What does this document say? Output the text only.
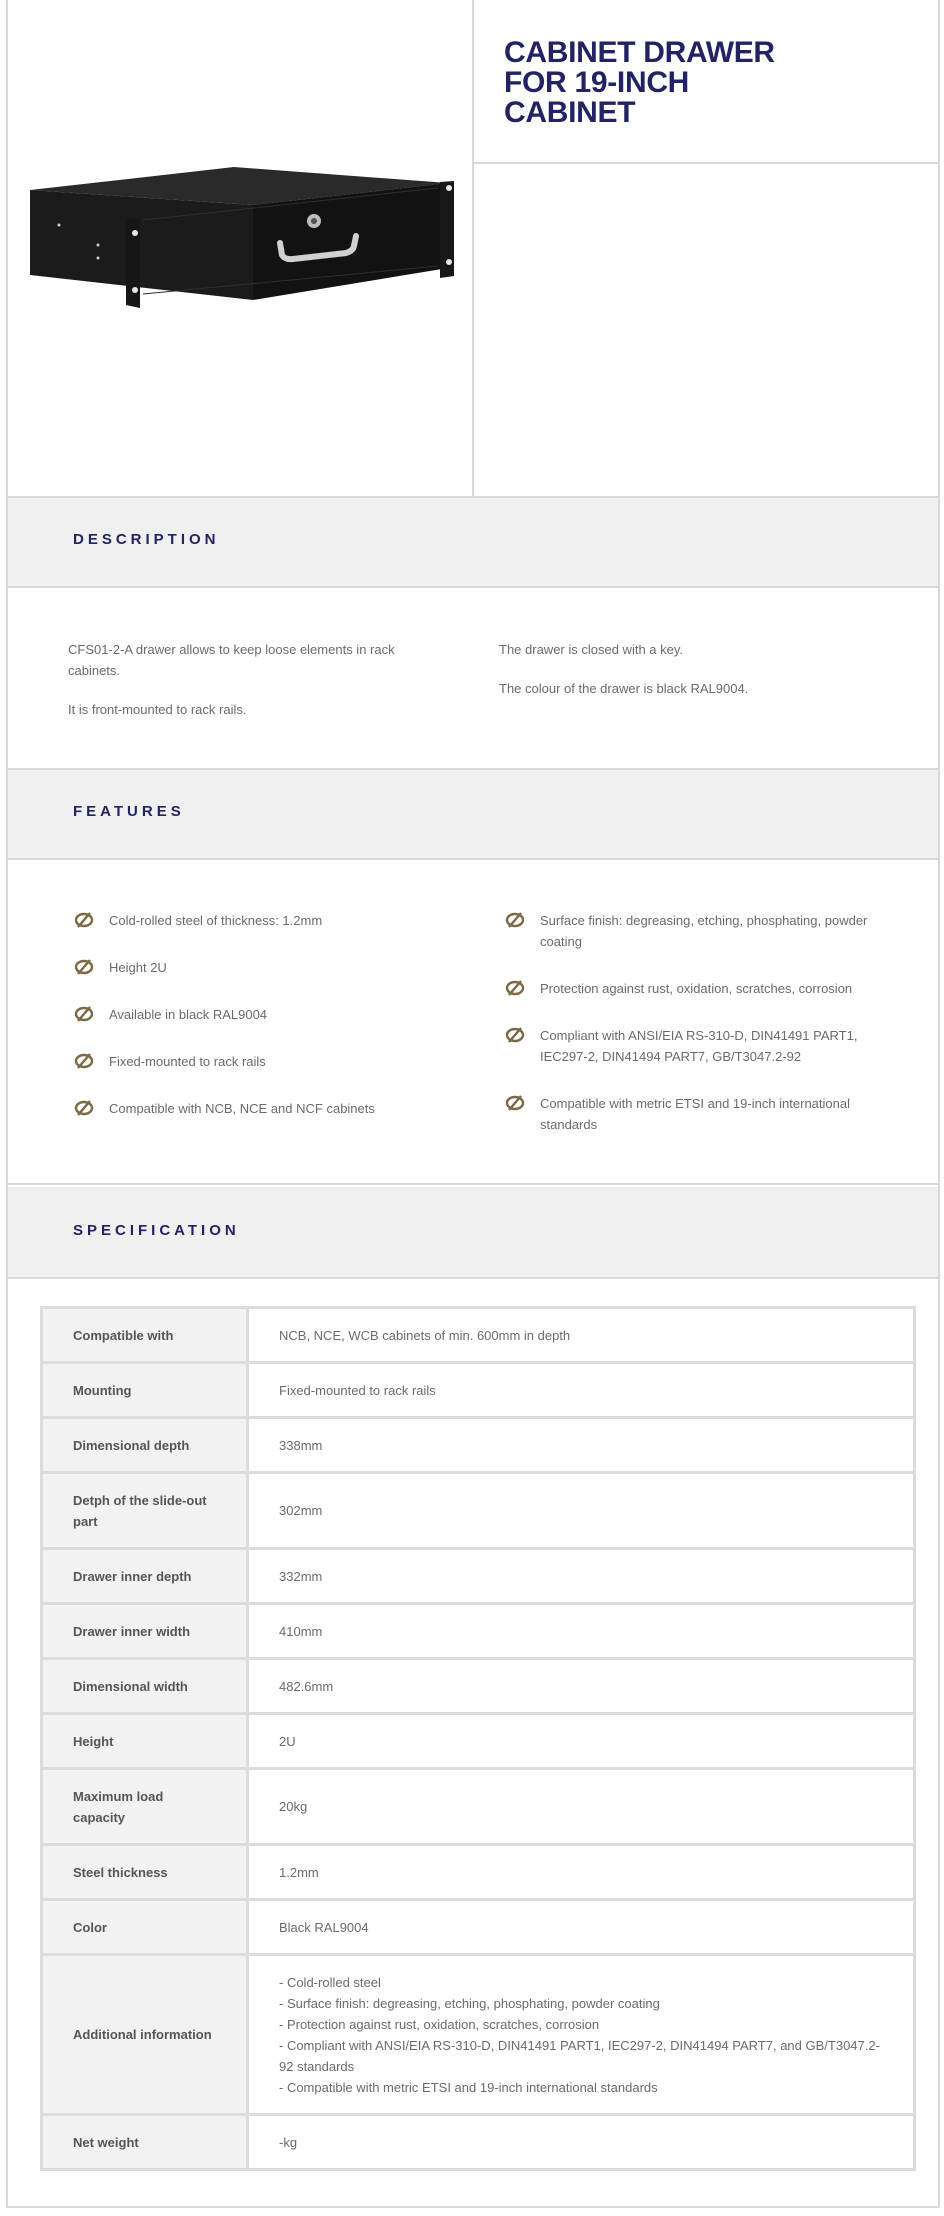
CABINET DRAWER FOR 19-INCH CABINET
DESCRIPTION

CFS01-2-A drawer allows to keep loose elements in rack cabinets.

It is front-mounted to rack rails.

The drawer is closed with a key.

The colour of the drawer is black RAL9004.

FEATURES
Cold-rolled steel of thickness: 1.2mm
Height 2U
Available in black RAL9004
Fixed-mounted to rack rails
Compatible with NCB, NCE and NCF cabinets
Surface finish: degreasing, etching, phosphating, powder coating
Protection against rust, oxidation, scratches, corrosion
Compliant with ANSI/EIA RS-310-D, DIN41491 PART1, IEC297-2, DIN41494 PART7, GB/T3047.2-92
Compatible with metric ETSI and 19-inch international standards
SPECIFICATION
Compatible with	NCB, NCE, WCB cabinets of min. 600mm in depth
Mounting	Fixed-mounted to rack rails
Dimensional depth	338mm
Detph of the slide-out part	302mm
Drawer inner depth	332mm
Drawer inner width	410mm
Dimensional width	482.6mm
Height	2U
Maximum load capacity	20kg
Steel thickness	1.2mm
Color	Black RAL9004
Additional information	- Cold-rolled steel
- Surface finish: degreasing, etching, phosphating, powder coating
- Protection against rust, oxidation, scratches, corrosion
- Compliant with ANSI/EIA RS-310-D, DIN41491 PART1, IEC297-2, DIN41494 PART7, and GB/T3047.2-92 standards
- Compatible with metric ETSI and 19-inch international standards
Net weight	-kg
